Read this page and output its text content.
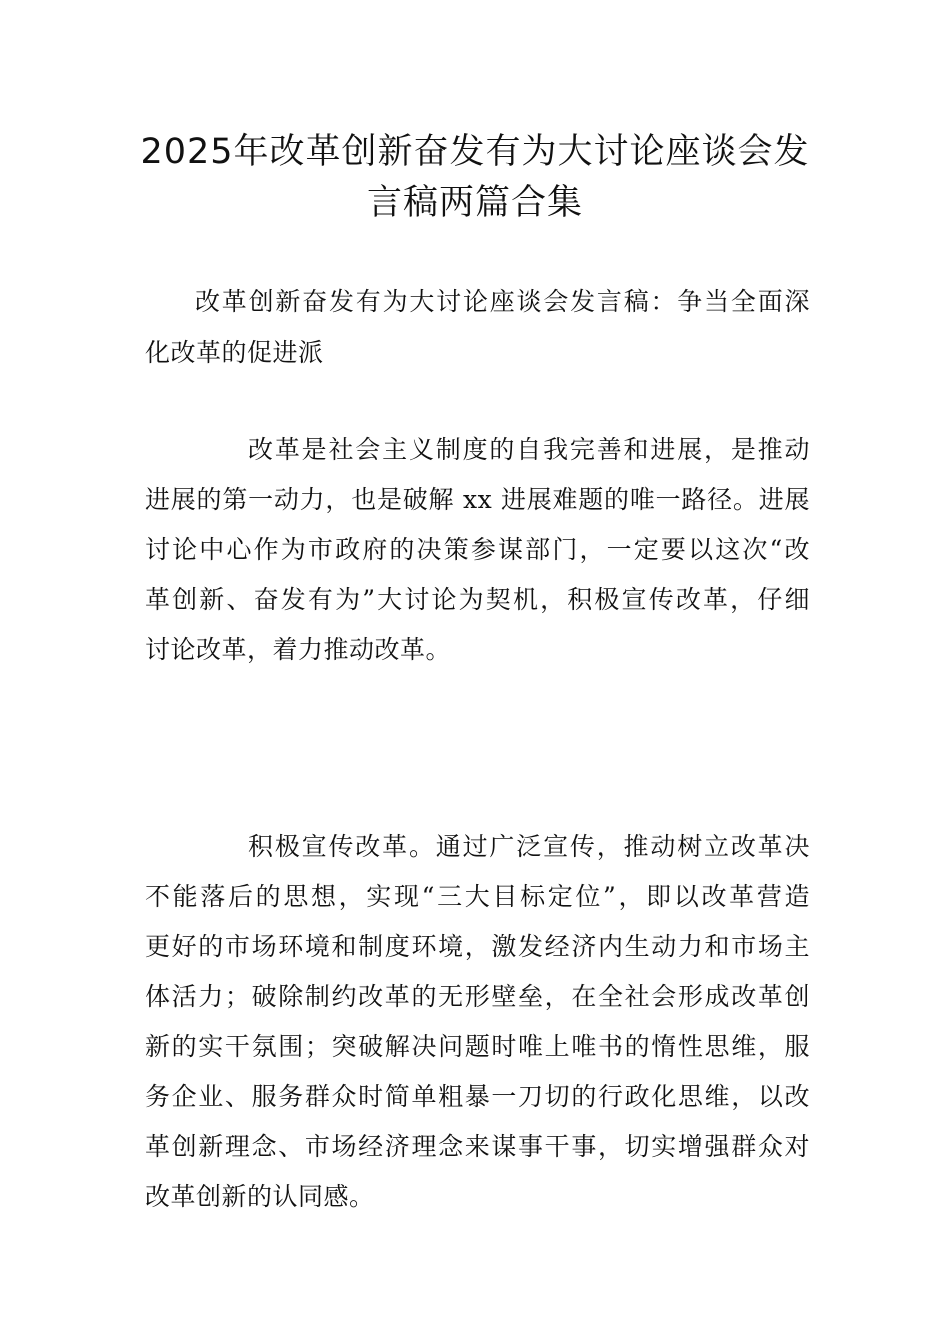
2025年改革创新奋发有为大讨论座谈会发
言稿两篇合集
改革创新奋发有为大讨论座谈会发言稿：争当全面深
化改革的促进派
改革是社会主义制度的自我完善和进展，是推动
进展的第一动力，也是破解 xx 进展难题的唯一路径。进展
讨论中心作为市政府的决策参谋部门，一定要以这次“改
革创新、奋发有为”大讨论为契机，积极宣传改革，仔细
讨论改革，着力推动改革。
积极宣传改革。通过广泛宣传，推动树立改革决
不能落后的思想，实现“三大目标定位”，即以改革营造
更好的市场环境和制度环境，激发经济内生动力和市场主
体活力；破除制约改革的无形壁垒，在全社会形成改革创
新的实干氛围；突破解决问题时唯上唯书的惰性思维，服
务企业、服务群众时简单粗暴一刀切的行政化思维，以改
革创新理念、市场经济理念来谋事干事，切实增强群众对
改革创新的认同感。
